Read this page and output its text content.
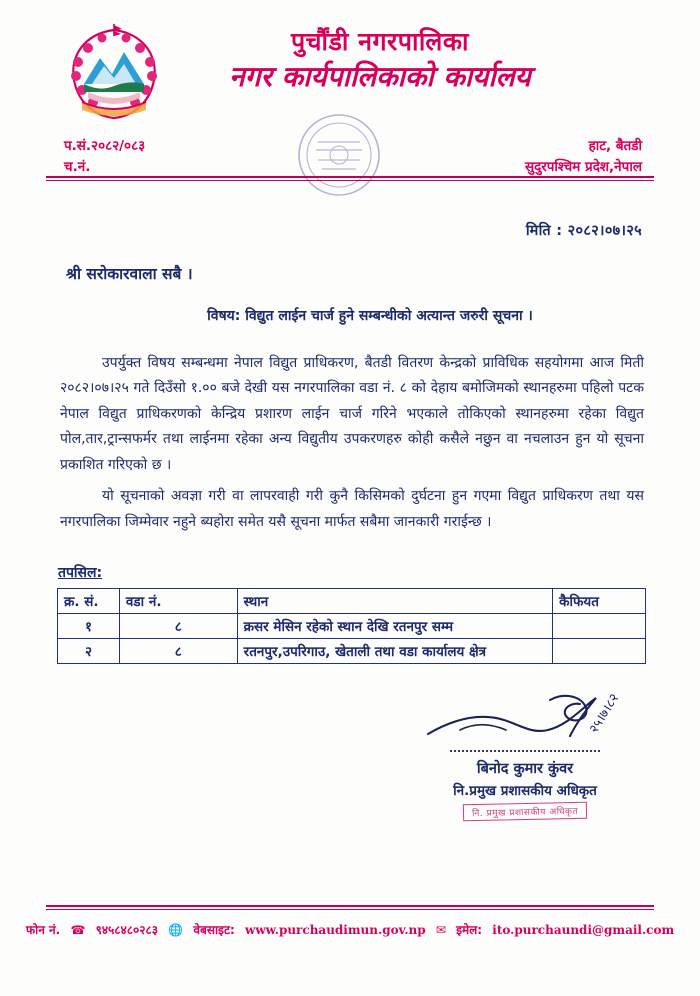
पुर्चौंडी नगरपालिका
नगर कार्यपालिकाको कार्यालय
प.सं.२०८२/०८३
च.नं.
हाट, बैतडी
सुदुरपश्चिम प्रदेश,नेपाल
मिति : २०८२।०७।२५
श्री सरोकारवाला सबै ।
विषय: विद्युत लाईन चार्ज हुने सम्बन्धीको अत्यान्त जरुरी सूचना ।

उपर्युक्त विषय सम्बन्धमा नेपाल विद्युत प्राधिकरण, बैतडी वितरण केन्द्रको प्राविधिक सहयोगमा आज मिती २०८२।०७।२५ गते दिउँसो १.०० बजे देखी यस नगरपालिका वडा नं. ८ को देहाय बमोजिमको स्थानहरुमा पहिलो पटक नेपाल विद्युत प्राधिकरणको केन्द्रिय प्रशारण लाईन चार्ज गरिने भएकाले तोकिएको स्थानहरुमा रहेका विद्युत पोल,तार,ट्रान्सफर्मर तथा लाईनमा रहेका अन्य विद्युतीय उपकरणहरु कोही कसैले नछुन वा नचलाउन हुन यो सूचना प्रकाशित गरिएको छ ।

यो सूचनाको अवज्ञा गरी वा लापरवाही गरी कुनै किसिमको दुर्घटना हुन गएमा विद्युत प्राधिकरण तथा यस नगरपालिका जिम्मेवार नहुने ब्यहोरा समेत यसै सूचना मार्फत सबैमा जानकारी गराईन्छ ।

तपसिल:
क्र. सं.	वडा नं.	स्थान	कैफियत
१	८	क्रसर मेसिन रहेको स्थान देखि रतनपुर सम्म	
२	८	रतनपुर,उपरिगाउ, खेताली तथा वडा कार्यालय क्षेत्र	
२५।७।८२
बिनोद कुमार कुंवर
नि.प्रमुख प्रशासकीय अधिकृत
नि. प्रमुख प्रशासकीय अधिकृत
फोन नं. ☎ ९४५८४८०२८३ 🌐 वेबसाइट: www.purchaudimun.gov.np ✉ इमेल: ito.purchaundi@gmail.com
